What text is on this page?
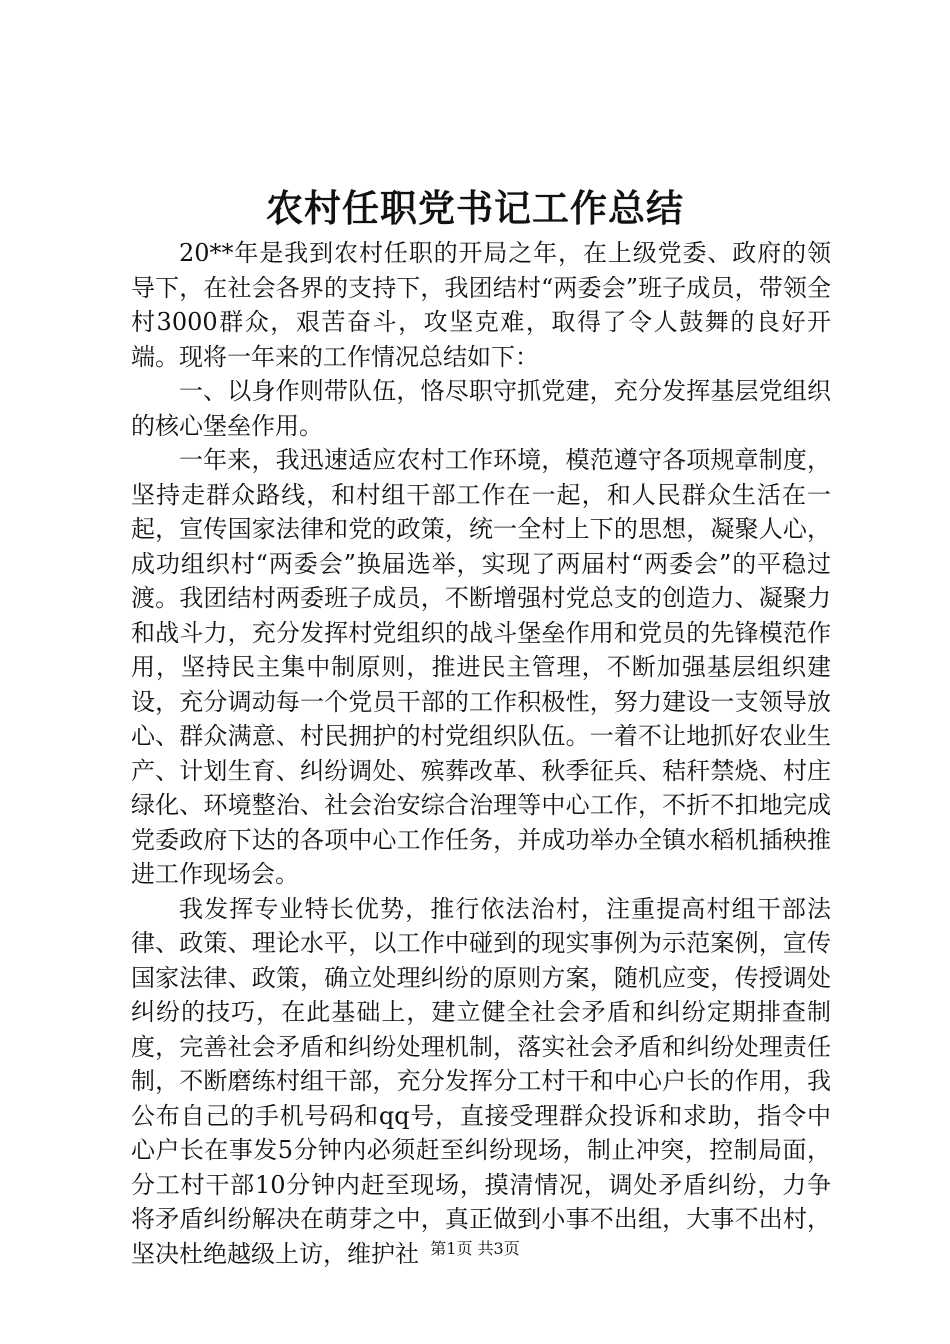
农村任职党书记工作总结

20**年是我到农村任职的开局之年，在上级党委、政府的领导下，在社会各界的支持下，我团结村“两委会”班子成员，带领全村3000群众，艰苦奋斗，攻坚克难，取得了令人鼓舞的良好开端。现将一年来的工作情况总结如下：

一、以身作则带队伍，恪尽职守抓党建，充分发挥基层党组织的核心堡垒作用。

一年来，我迅速适应农村工作环境，模范遵守各项规章制度，坚持走群众路线，和村组干部工作在一起，和人民群众生活在一起，宣传国家法律和党的政策，统一全村上下的思想，凝聚人心，成功组织村“两委会”换届选举，实现了两届村“两委会”的平稳过渡。我团结村两委班子成员，不断增强村党总支的创造力、凝聚力和战斗力，充分发挥村党组织的战斗堡垒作用和党员的先锋模范作用，坚持民主集中制原则，推进民主管理，不断加强基层组织建设，充分调动每一个党员干部的工作积极性，努力建设一支领导放心、群众满意、村民拥护的村党组织队伍。一着不让地抓好农业生产、计划生育、纠纷调处、殡葬改革、秋季征兵、秸秆禁烧、村庄绿化、环境整治、社会治安综合治理等中心工作，不折不扣地完成党委政府下达的各项中心工作任务，并成功举办全镇水稻机插秧推进工作现场会。

我发挥专业特长优势，推行依法治村，注重提高村组干部法律、政策、理论水平，以工作中碰到的现实事例为示范案例，宣传国家法律、政策，确立处理纠纷的原则方案，随机应变，传授调处纠纷的技巧，在此基础上，建立健全社会矛盾和纠纷定期排查制度，完善社会矛盾和纠纷处理机制，落实社会矛盾和纠纷处理责任制，不断磨练村组干部，充分发挥分工村干和中心户长的作用，我公布自己的手机号码和qq号，直接受理群众投诉和求助，指令中心户长在事发5分钟内必须赶至纠纷现场，制止冲突，控制局面，分工村干部10分钟内赶至现场，摸清情况，调处矛盾纠纷，力争将矛盾纠纷解决在萌芽之中，真正做到小事不出组，大事不出村，坚决杜绝越级上访，维护社 第1页 共3页
